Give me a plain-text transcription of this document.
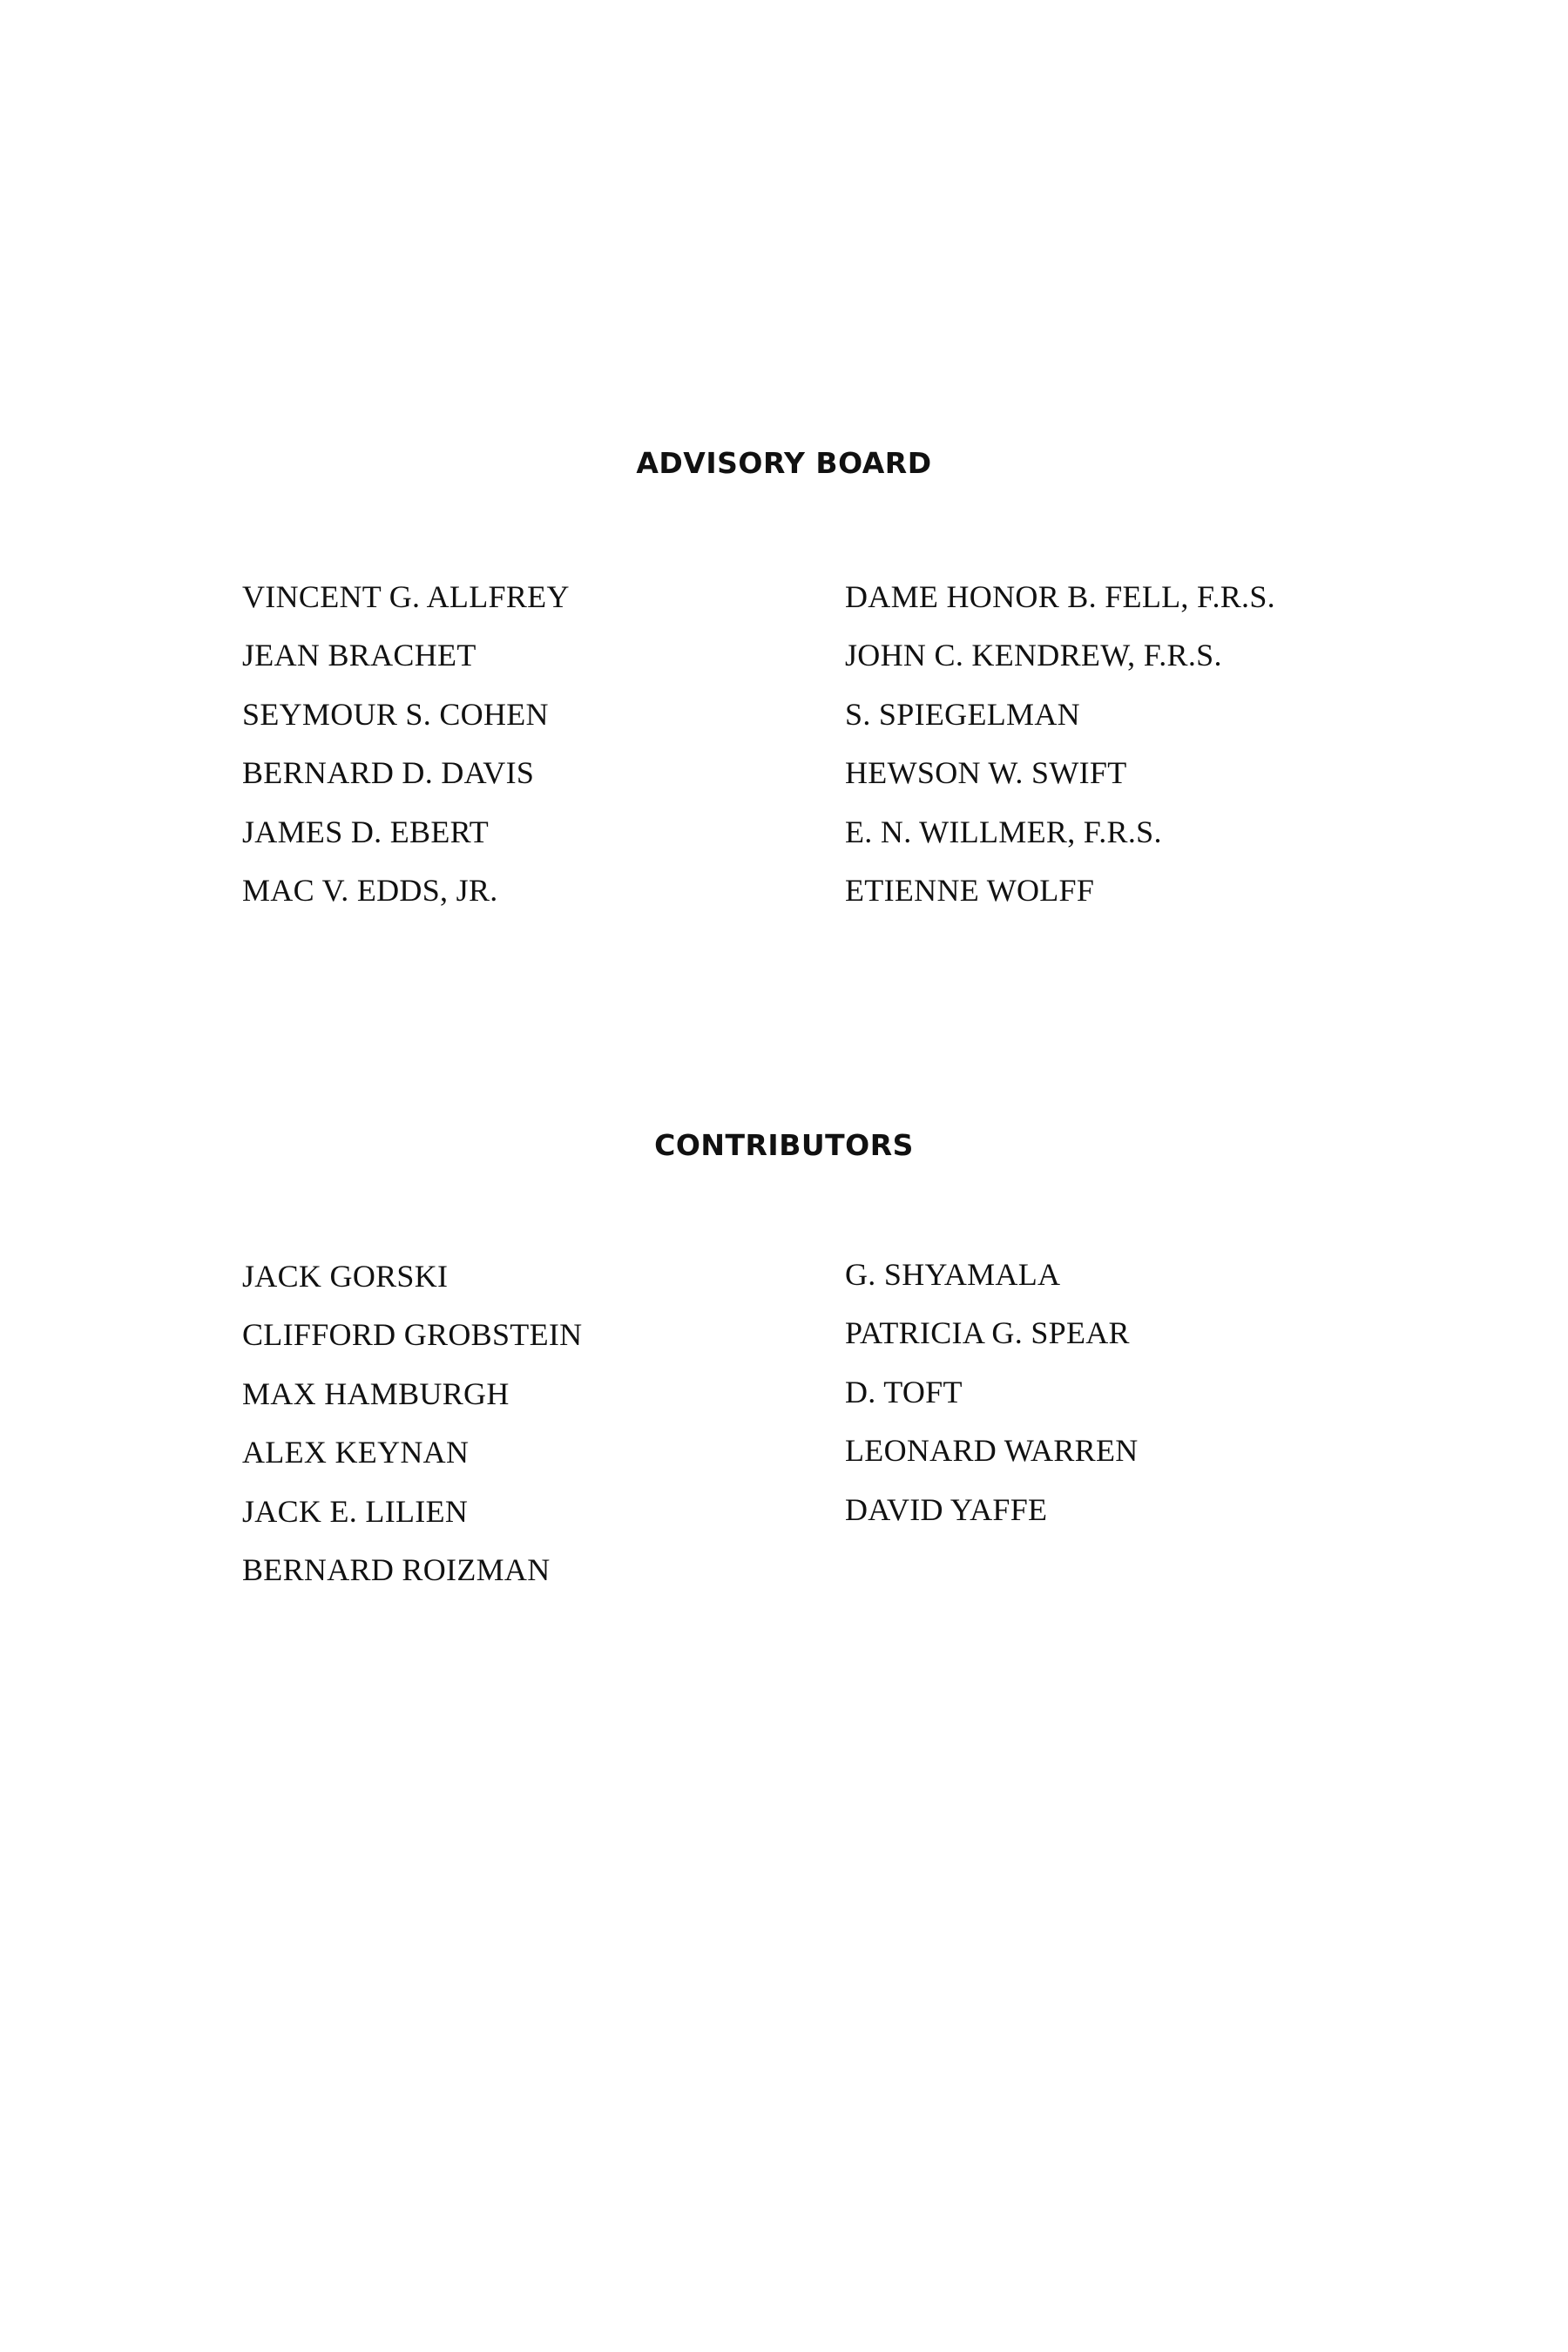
ADVISORY BOARD
VINCENT G. ALLFREY
JEAN BRACHET
SEYMOUR S. COHEN
BERNARD D. DAVIS
JAMES D. EBERT
MAC V. EDDS, JR.
DAME HONOR B. FELL, F.R.S.
JOHN C. KENDREW, F.R.S.
S. SPIEGELMAN
HEWSON W. SWIFT
E. N. WILLMER, F.R.S.
ETIENNE WOLFF
CONTRIBUTORS
JACK GORSKI
CLIFFORD GROBSTEIN
MAX HAMBURGH
ALEX KEYNAN
JACK E. LILIEN
BERNARD ROIZMAN
G. SHYAMALA
PATRICIA G. SPEAR
D. TOFT
LEONARD WARREN
DAVID YAFFE
